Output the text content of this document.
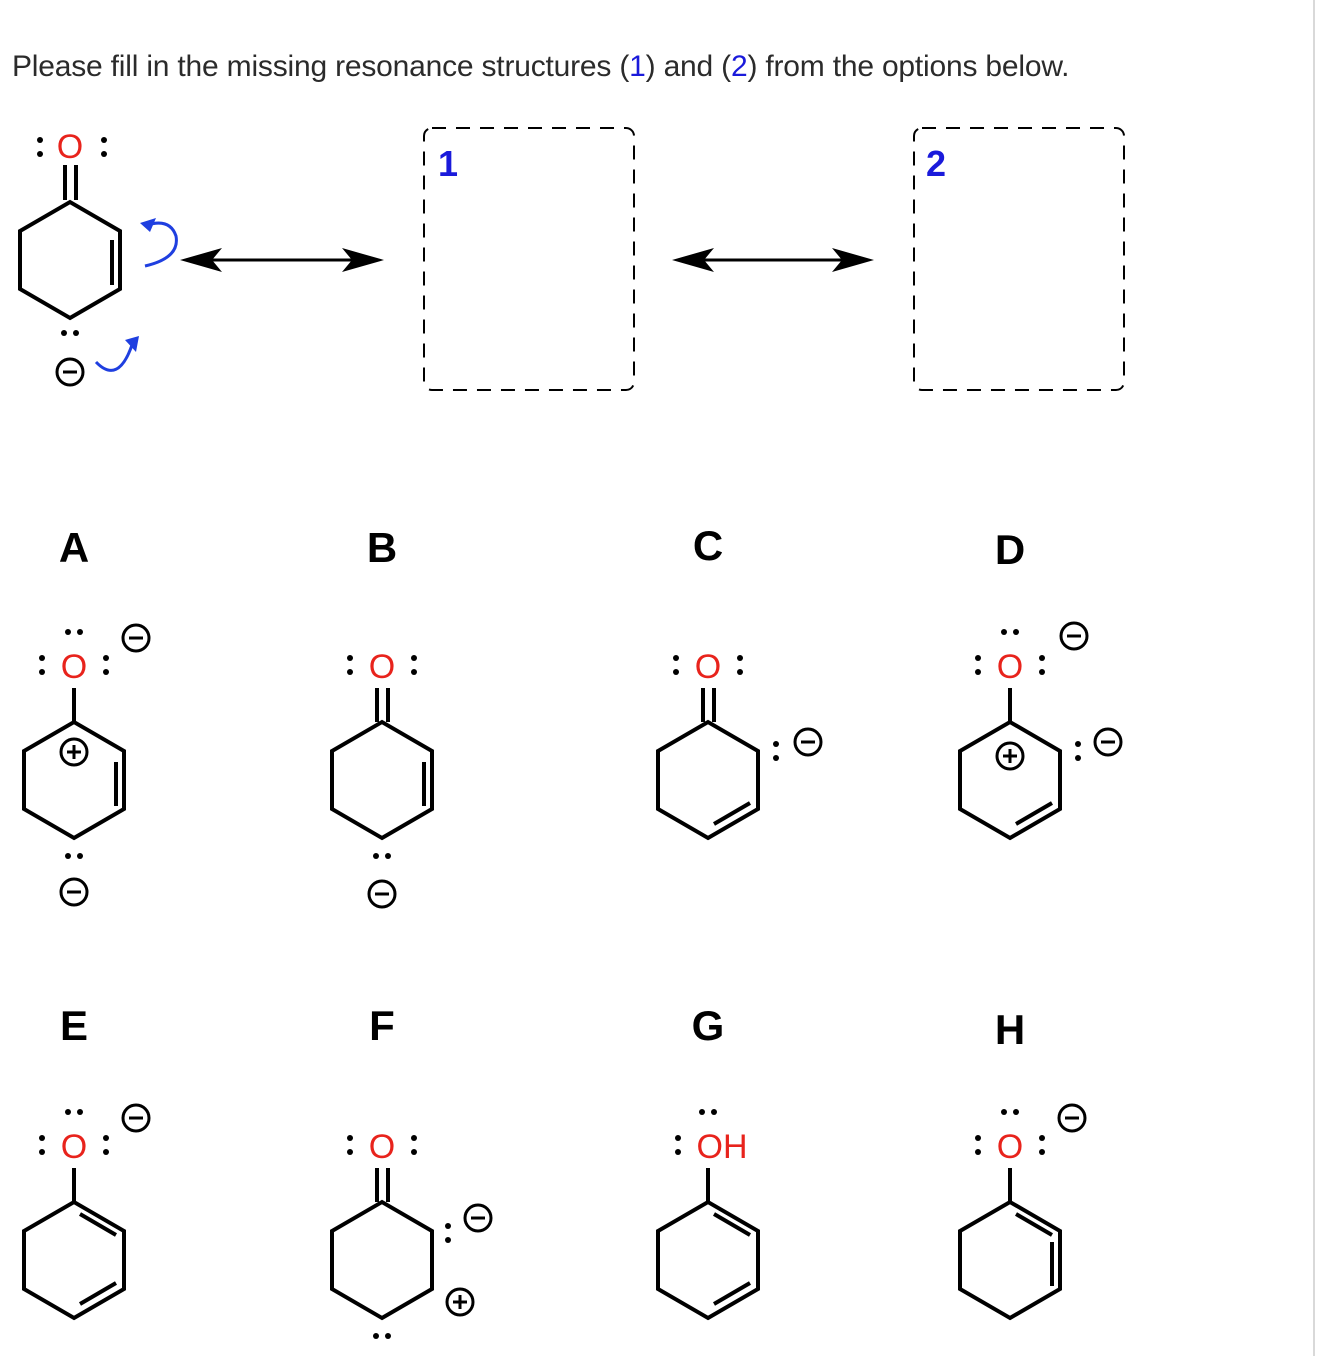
Please fill in the missing resonance structures (1) and (2) from the options below.
O	1	2
A	B	C	D
E	F	G	H
O	O	O	O
O	O	OH	O
